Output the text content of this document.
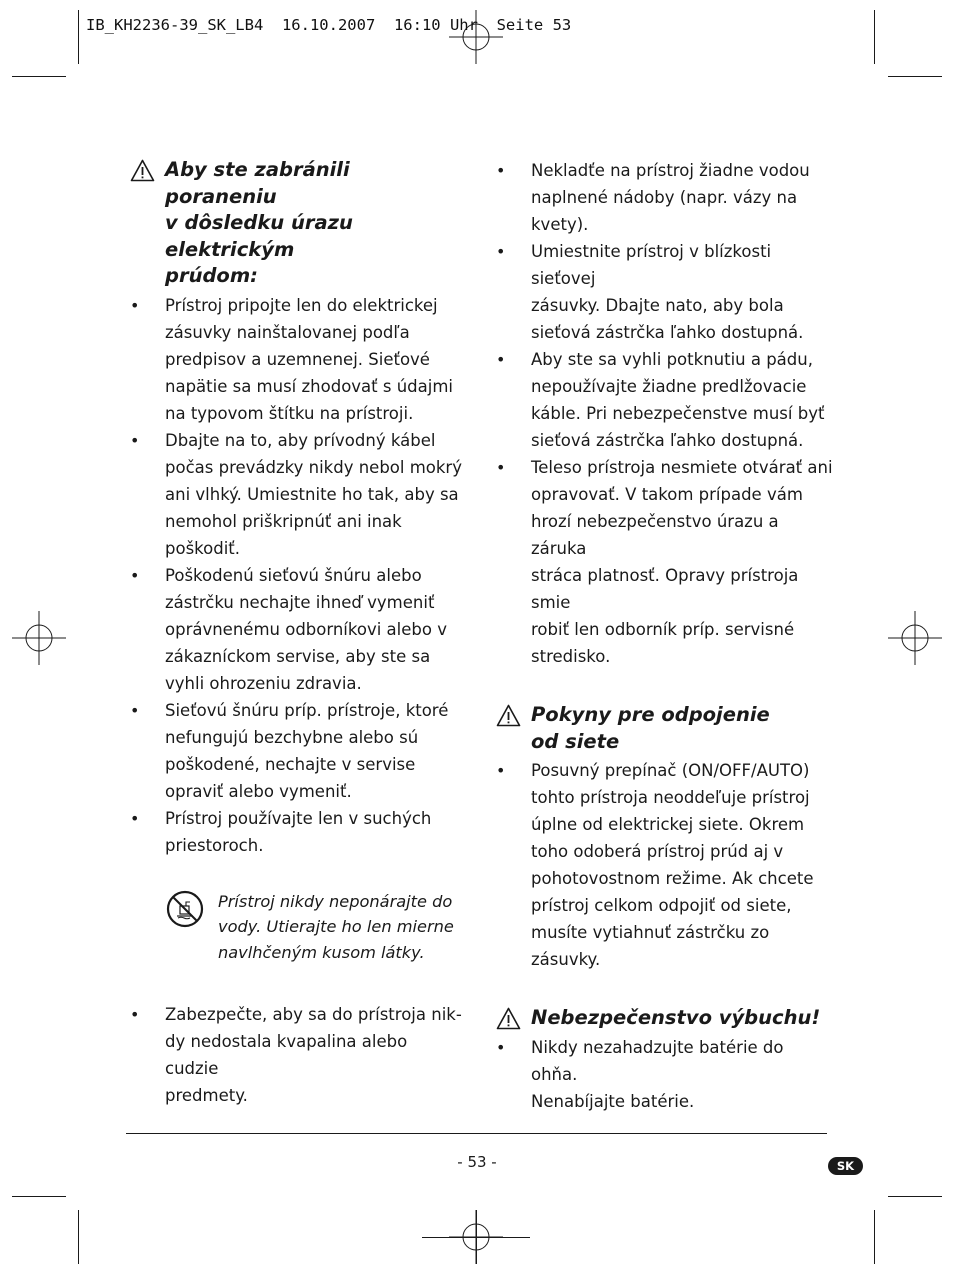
IB_KH2236-39_SK_LB4  16.10.2007  16:10 Uhr  Seite 53
Aby ste zabránili poraneniu
v dôsledku úrazu elektrickým
prúdom:
• Prístroj pripojte len do elektrickej
zásuvky nainštalovanej podľa
predpisov a uzemnenej. Sieťové
napätie sa musí zhodovať s údajmi
na typovom štítku na prístroji.
• Dbajte na to, aby prívodný kábel
počas prevádzky nikdy nebol mokrý
ani vlhký. Umiestnite ho tak, aby sa
nemohol priškripnúť ani inak poškodiť.
• Poškodenú sieťovú šnúru alebo
zástrčku nechajte ihneď vymeniť
oprávnenému odborníkovi alebo v
zákazníckom servise, aby ste sa
vyhli ohrozeniu zdravia.
• Sieťovú šnúru príp. prístroje, ktoré
nefungujú bezchybne alebo sú
poškodené, nechajte v servise
opraviť alebo vymeniť.
• Prístroj používajte len v suchých
priestoroch.

Prístroj nikdy neponárajte do

vody. Utierajte ho len mierne

navlhčeným kusom látky.

• Zabezpečte, aby sa do prístroja nik-
dy nedostala kvapalina alebo cudzie
predmety.
• Nekladťe na prístroj žiadne vodou
naplnené nádoby (napr. vázy na
kvety).
• Umiestnite prístroj v blízkosti sieťovej
zásuvky. Dbajte nato, aby bola
sieťová zástrčka ľahko dostupná.
• Aby ste sa vyhli potknutiu a pádu,
nepoužívajte žiadne predlžovacie
káble. Pri nebezpečenstve musí byť
sieťová zástrčka ľahko dostupná.
• Teleso prístroja nesmiete otvárať ani
opravovať. V takom prípade vám
hrozí nebezpečenstvo úrazu a záruka
stráca platnosť. Opravy prístroja smie
robiť len odborník príp. servisné
stredisko.
Pokyny pre odpojenie
od siete
• Posuvný prepínač (ON/OFF/AUTO)
tohto prístroja neoddeľuje prístroj
úplne od elektrickej siete. Okrem
toho odoberá prístroj prúd aj v
pohotovostnom režime. Ak chcete
prístroj celkom odpojiť od siete,
musíte vytiahnuť zástrčku zo zásuvky.
Nebezpečenstvo výbuchu!
• Nikdy nezahadzujte batérie do ohňa.
Nenabíjajte batérie.
- 53 -	SK
